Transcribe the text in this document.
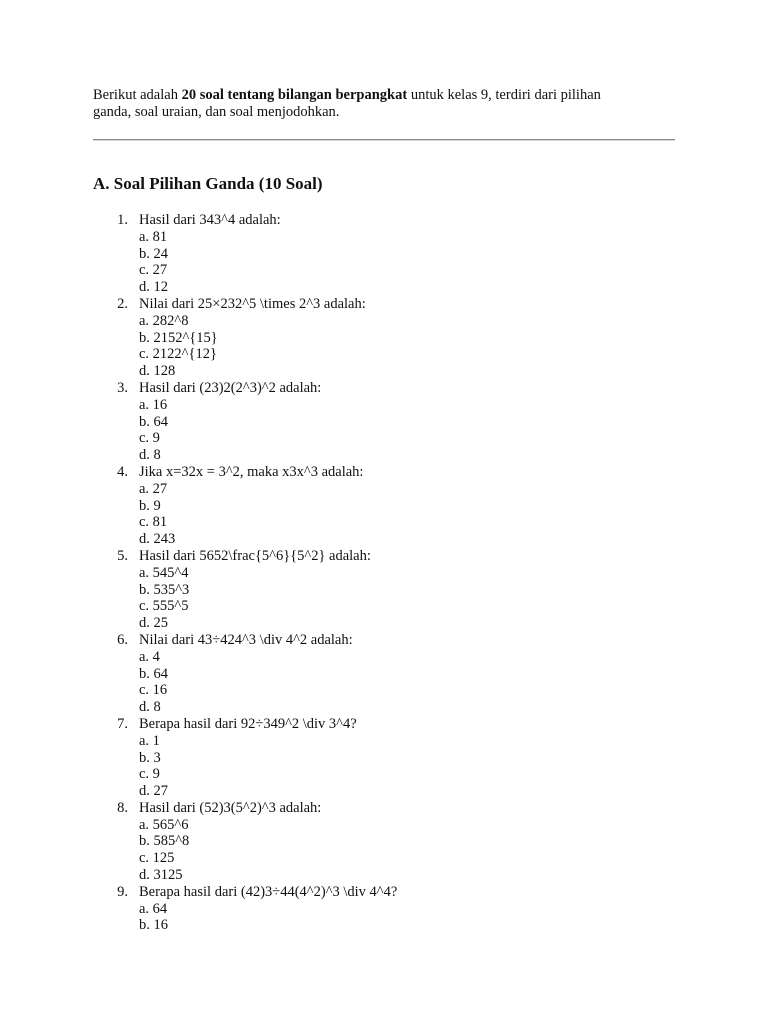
Berikut adalah 20 soal tentang bilangan berpangkat untuk kelas 9, terdiri dari pilihan
ganda, soal uraian, dan soal menjodohkan.

A. Soal Pilihan Ganda (10 Soal)
1. Hasil dari 343^4 adalah:
a. 81
b. 24
c. 27
d. 12
2. Nilai dari 25×232^5 \times 2^3 adalah:
a. 282^8
b. 2152^{15}
c. 2122^{12}
d. 128
3. Hasil dari (23)2(2^3)^2 adalah:
a. 16
b. 64
c. 9
d. 8
4. Jika x=32x = 3^2, maka x3x^3 adalah:
a. 27
b. 9
c. 81
d. 243
5. Hasil dari 5652\frac{5^6}{5^2} adalah:
a. 545^4
b. 535^3
c. 555^5
d. 25
6. Nilai dari 43÷424^3 \div 4^2 adalah:
a. 4
b. 64
c. 16
d. 8
7. Berapa hasil dari 92÷349^2 \div 3^4?
a. 1
b. 3
c. 9
d. 27
8. Hasil dari (52)3(5^2)^3 adalah:
a. 565^6
b. 585^8
c. 125
d. 3125
9. Berapa hasil dari (42)3÷44(4^2)^3 \div 4^4?
a. 64
b. 16
